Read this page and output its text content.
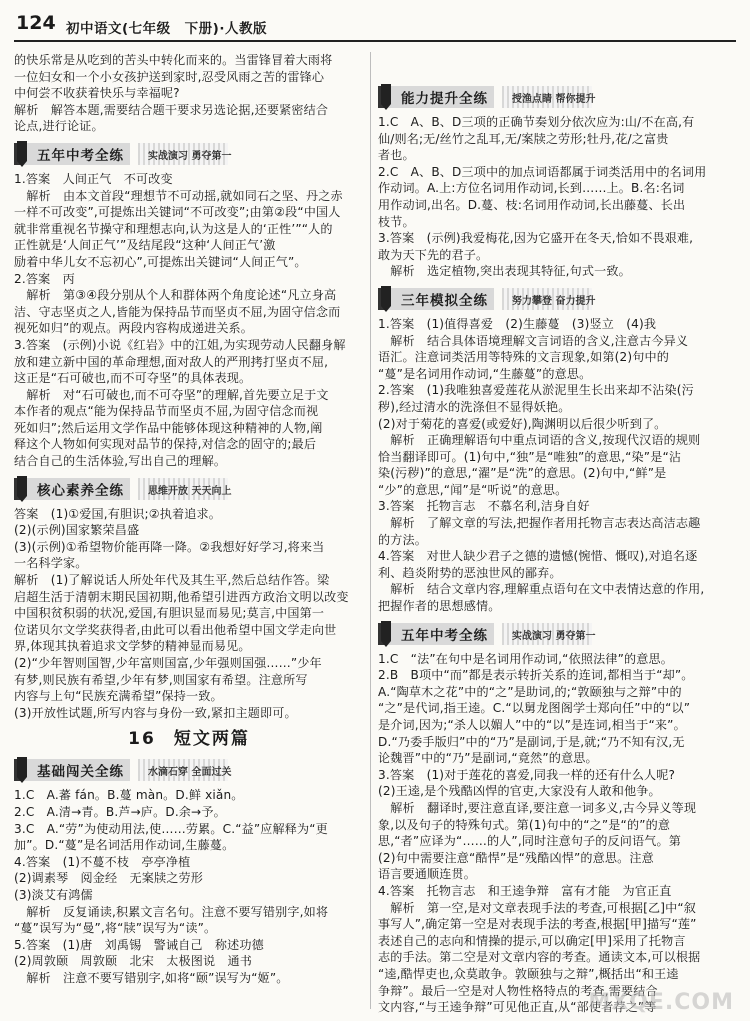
124 初中语文(七年级　下册)·人教版
的快乐常是从吃到的苦头中转化而来的。当雷锋冒着大雨将
一位妇女和一个小女孩护送到家时,忍受风雨之苦的雷锋心
中何尝不收获着快乐与幸福呢?
解析　解答本题,需要结合题干要求另选论据,还要紧密结合
论点,进行论证。
五年中考全练 实战演习 勇夺第一
1.答案　人间正气　不可改变
　解析　由本文首段“理想节不可动摇,就如同石之坚、丹之赤
一样不可改变”,可提炼出关键词“不可改变”;由第②段“中国人
就非常重视名节操守和理想志向,认为这是人的‘正性’”“人的
正性就是‘人间正气’”及结尾段“这种‘人间正气’激
励着中华儿女不忘初心”,可提炼出关键词“人间正气”。
2.答案　丙
　解析　第③④段分别从个人和群体两个角度论述“凡立身高
洁、守志坚贞之人,皆能为保持品节而坚贞不屈,为固守信念而
视死如归”的观点。两段内容构成递进关系。
3.答案　(示例)小说《红岩》中的江姐,为实现劳动人民翻身解
放和建立新中国的革命理想,面对敌人的严刑拷打坚贞不屈,
这正是“石可破也,而不可夺坚”的具体表现。
　解析　对“石可破也,而不可夺坚”的理解,首先要立足于文
本作者的观点“能为保持品节而坚贞不屈,为固守信念而视
死如归”;然后运用文学作品中能够体现这种精神的人物,阐
释这个人物如何实现对品节的保持,对信念的固守的;最后
结合自己的生活体验,写出自己的理解。
核心素养全练 思维开放 天天向上
答案　(1)①爱国,有胆识;②执着追求。
(2)(示例)国家繁荣昌盛
(3)(示例)①希望物价能再降一降。②我想好好学习,将来当
一名科学家。
解析　(1)了解说话人所处年代及其生平,然后总结作答。梁
启超生活于清朝末期民国初期,他希望引进西方政治文明以改变
中国积贫积弱的状况,爱国,有胆识显而易见;莫言,中国第一
位诺贝尔文学奖获得者,由此可以看出他希望中国文学走向世
界,体现其执着追求文学梦的精神显而易见。
(2)“少年智则国智,少年富则国富,少年强则国强……”少年
有梦,则民族有希望,少年有梦,则国家有希望。注意所写
内容与上句“民族充满希望”保持一致。
(3)开放性试题,所写内容与身份一致,紧扣主题即可。
16 短文两篇
基础闯关全练 水滴石穿 全面过关
1.C　A.蕃 fán。B.蔓 màn。D.鲜 xiǎn。
2.C　A.清→青。B.芦→庐。D.余→予。
3.C　A.“劳”为使动用法,使……劳累。C.“益”应解释为“更
加”。D.“蔓”是名词活用作动词,生藤蔓。
4.答案　(1)不蔓不枝　亭亭净植
(2)调素琴　阅金经　无案牍之劳形
(3)淡艾有鸿儒
　解析　反复诵读,积累文言名句。注意不要写错别字,如将
“蔓”误写为“曼”,将“牍”误写为“读”。
5.答案　(1)唐　刘禹锡　警诫自己　称述功德
(2)周敦颐　周敦颐　北宋　太极图说　通书
　解析　注意不要写错别字,如将“颐”误写为“姬”。
能力提升全练 授渔点睛 帮你提升
1.C　A、B、D三项的正确节奏划分依次应为:山/不在高,有
仙/则名;无/丝竹之乱耳,无/案牍之劳形;牡丹,花/之富贵
者也。
2.C　A、B、D三项中的加点词语都属于词类活用中的名词用
作动词。A.上:方位名词用作动词,长到……上。B.名:名词
用作动词,出名。D.蔓、枝:名词用作动词,长出藤蔓、长出
枝节。
3.答案　(示例)我爱梅花,因为它盛开在冬天,恰如不畏艰难,
敢为天下先的君子。
　解析　选定植物,突出表现其特征,句式一致。
三年模拟全练 努力攀登 奋力提升
1.答案　(1)值得喜爱　(2)生藤蔓　(3)竖立　(4)我
　解析　结合具体语境理解文言词语的含义,注意古今异义
语汇。注意词类活用等特殊的文言现象,如第(2)句中的
“蔓”是名词用作动词,“生藤蔓”的意思。
2.答案　(1)我唯独喜爱莲花从淤泥里生长出来却不沾染(污
秽),经过清水的洗涤但不显得妖艳。
(2)对于菊花的喜爱(或爱好),陶渊明以后很少听到了。
　解析　正确理解语句中重点词语的含义,按现代汉语的规则
恰当翻译即可。(1)句中,“独”是“唯独”的意思,“染”是“沾
染(污秽)”的意思,“濯”是“洗”的意思。(2)句中,“鲜”是
“少”的意思,“闻”是“听说”的意思。
3.答案　托物言志　不慕名利,洁身自好
　解析　了解文章的写法,把握作者用托物言志表达高洁志趣
的方法。
4.答案　对世人缺少君子之德的遗憾(惋惜、慨叹),对追名逐
利、趋炎附势的恶浊世风的鄙弃。
　解析　结合文章内容,理解重点语句在文中表情达意的作用,
把握作者的思想感情。
五年中考全练 实战演习 勇夺第一
1.C　“法”在句中是名词用作动词,“依照法律”的意思。
2.B　B项中“而”都是表示转折关系的连词,都相当于“却”。
A.“陶草木之花”中的“之”是助词,的;“敦颐独与之辩”中的
“之”是代词,指王逵。C.“以舅龙图阁学士郑向任”中的“以”
是介词,因为;“杀人以媚人”中的“以”是连词,相当于“来”。
D.“乃委手版归”中的“乃”是副词,于是,就;“乃不知有汉,无
论魏晋”中的“乃”是副词,“竟然”的意思。
3.答案　(1)对于莲花的喜爱,同我一样的还有什么人呢?
(2)王逵,是个残酷凶悍的官吏,大家没有人敢和他争。
　解析　翻译时,要注意直译,要注意一词多义,古今异义等现
象,以及句子的特殊句式。第(1)句中的“之”是“的”的意
思,“者”应译为“……的人”,同时注意句子的反问语气。第
(2)句中需要注意“酷悍”是“残酷凶悍”的意思。注意
语言要通顺连贯。
4.答案　托物言志　和王逵争辩　富有才能　为官正直
　解析　第一空,是对文章表现手法的考查,可根据[乙]中“叙
事写人”,确定第一空是对表现手法的考查,根据[甲]描写“莲”
表述自己的志向和情操的提示,可以确定[甲]采用了托物言
志的手法。第二空是对文章内容的考查。通读文本,可以根据
“逵,酷悍吏也,众莫敢争。敦颐独与之辩”,概括出“和王逵
争辩”。最后一空是对人物性格特点的考查,需要结合
文内容,“与王逵争辩”可见他正直,从“部使者荐之”等
MXQE.COM
